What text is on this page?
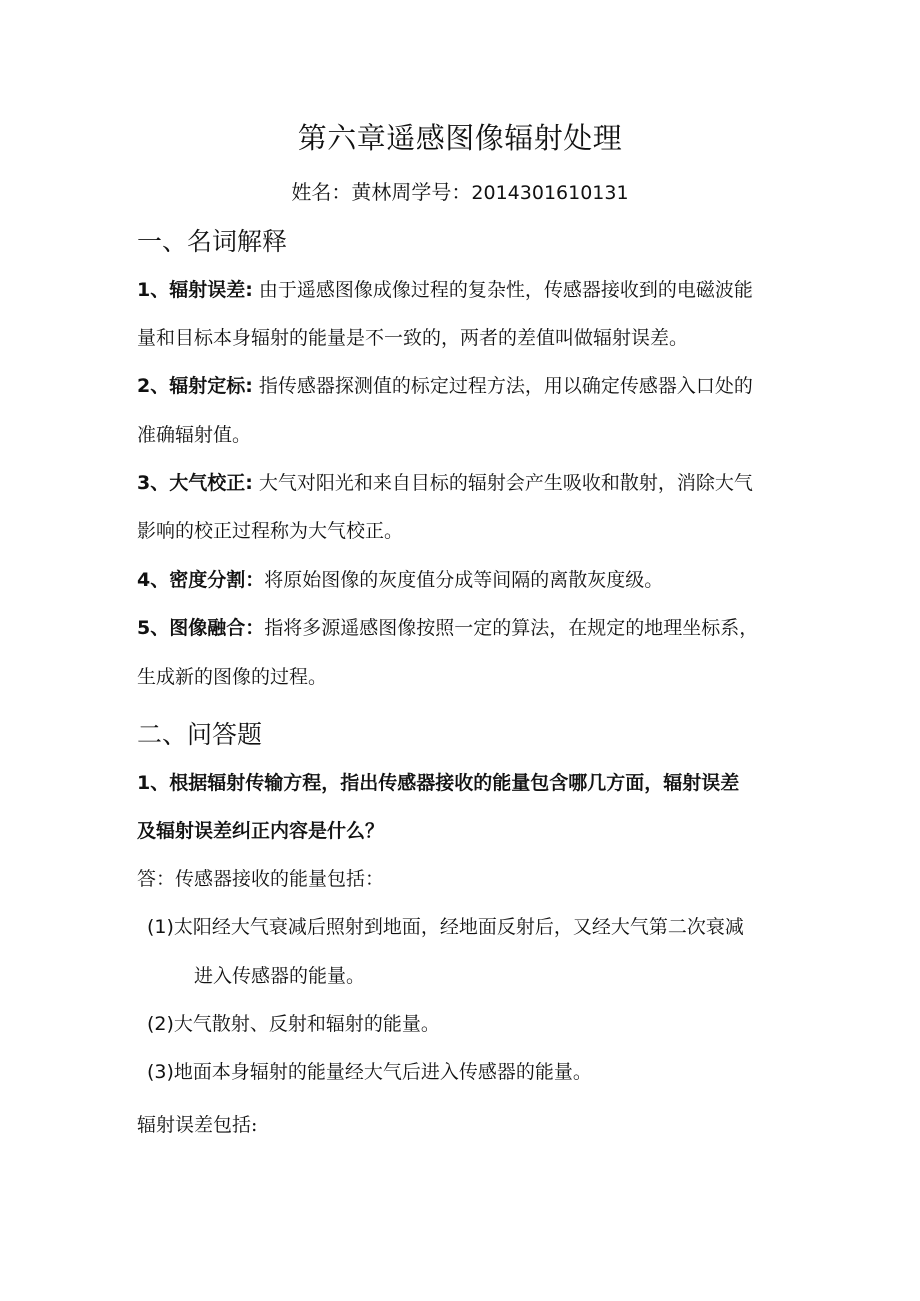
第六章遥感图像辐射处理
姓名：黄林周学号：2014301610131
一、名词解释
1、辐射误差: 由于遥感图像成像过程的复杂性，传感器接收到的电磁波能
量和目标本身辐射的能量是不一致的，两者的差值叫做辐射误差。
2、辐射定标: 指传感器探测值的标定过程方法，用以确定传感器入口处的
准确辐射值。
3、大气校正: 大气对阳光和来自目标的辐射会产生吸收和散射，消除大气
影响的校正过程称为大气校正。
4、密度分割：将原始图像的灰度值分成等间隔的离散灰度级。
5、图像融合：指将多源遥感图像按照一定的算法，在规定的地理坐标系，
生成新的图像的过程。
二、问答题
1、根据辐射传输方程，指出传感器接收的能量包含哪几方面，辐射误差
及辐射误差纠正内容是什么？
答：传感器接收的能量包括：
(1)太阳经大气衰减后照射到地面，经地面反射后，又经大气第二次衰减
进入传感器的能量。
(2)大气散射、反射和辐射的能量。
(3)地面本身辐射的能量经大气后进入传感器的能量。
辐射误差包括:
